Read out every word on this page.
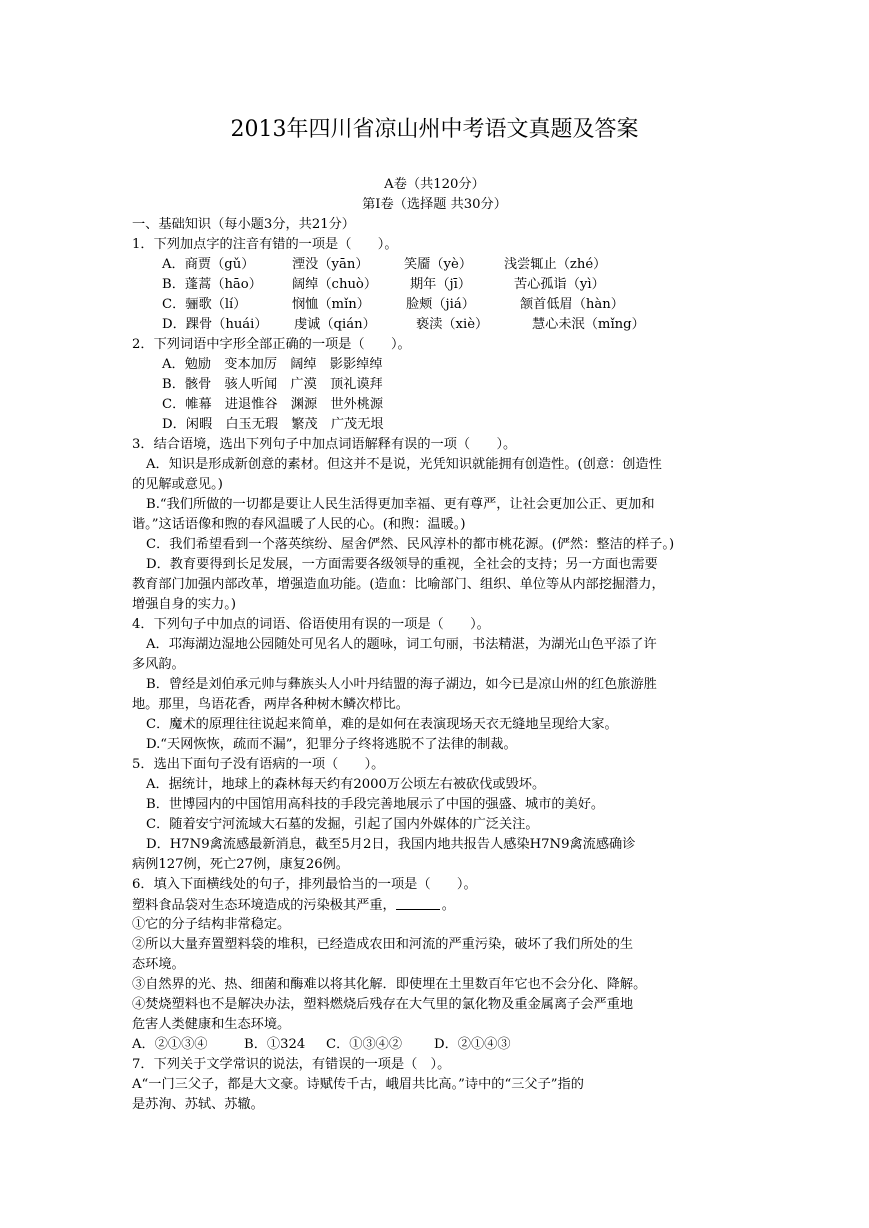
2013年四川省凉山州中考语文真题及答案
A卷（共120分）
第Ⅰ卷（选择题 共30分）
一、基础知识（每小题3分，共21分）
1．下列加点字的注音有错的一项是（　　）。
A．商贾（gǔ）	湮没（yān）	笑靥（yè） 浅尝辄止（zhé）
B．蓬蒿（hāo） 阔绰（chuò） 期年（jī）	苦心孤诣（yì）
C．骊歌（lí）	悯恤（mǐn）	脸颊（jiá）	颔首低眉（hàn）
D．踝骨（huái） 虔诚（qián）	亵渎（xiè）	慧心未泯（mǐng）
2．下列词语中字形全部正确的一项是（　　）。
A．勉励　变本加厉　阔绰　影影绰绰
B．骸骨　骇人听闻　广漠　顶礼谟拜
C．帷幕　进退惟谷　渊源　世外桃源
D．闲暇　白玉无瑕　繁茂　广茂无垠
3．结合语境，选出下列句子中加点词语解释有误的一项（　　）。
A．知识是形成新创意的素材。但这并不是说，光凭知识就能拥有创造性。(创意：创造性
的见解或意见。)
B.“我们所做的一切都是要让人民生活得更加幸福、更有尊严，让社会更加公正、更加和
谐。”这话语像和煦的春风温暖了人民的心。(和煦：温暖。)
C．我们希望看到一个落英缤纷、屋舍俨然、民风淳朴的都市桃花源。(俨然：整洁的样子。)
D．教育要得到长足发展，一方面需要各级领导的重视，全社会的支持；另一方面也需要
教育部门加强内部改革，增强造血功能。(造血：比喻部门、组织、单位等从内部挖掘潜力，
增强自身的实力。)
4．下列句子中加点的词语、俗语使用有误的一项是（　　）。
A．邛海湖边湿地公园随处可见名人的题咏，词工句丽，书法精湛，为湖光山色平添了许
多风韵。
B．曾经是刘伯承元帅与彝族头人小叶丹结盟的海子湖边，如今已是凉山州的红色旅游胜
地。那里，鸟语花香，两岸各种树木鳞次栉比。
C．魔术的原理往往说起来简单，难的是如何在表演现场天衣无缝地呈现给大家。
D.“天网恢恢，疏而不漏”，犯罪分子终将逃脱不了法律的制裁。
5．选出下面句子没有语病的一项（　　）。
A．据统计，地球上的森林每天约有2000万公顷左右被砍伐或毁坏。
B．世博园内的中国馆用高科技的手段完善地展示了中国的强盛、城市的美好。
C．随着安宁河流域大石墓的发掘，引起了国内外媒体的广泛关注。
D．H7N9禽流感最新消息，截至5月2日，我国内地共报告人感染H7N9禽流感确诊
病例127例，死亡27例，康复26例。
6．填入下面横线处的句子，排列最恰当的一项是（　　）。
塑料食品袋对生态环境造成的污染极其严重，	。
①它的分子结构非常稳定。
②所以大量弃置塑料袋的堆积，已经造成农田和河流的严重污染，破坏了我们所处的生
态环境。
③自然界的光、热、细菌和酶难以将其化解．即使埋在土里数百年它也不会分化、降解。
④焚烧塑料也不是解决办法，塑料燃烧后残存在大气里的氯化物及重金属离子会严重地
危害人类健康和生态环境。
A．②①③④	B．①324 C．①③④② D．②①④③
7．下列关于文学常识的说法，有错误的一项是（　）。
A“一门三父子，都是大文豪。诗赋传千古，峨眉共比高。”诗中的“三父子”指的
是苏洵、苏轼、苏辙。
